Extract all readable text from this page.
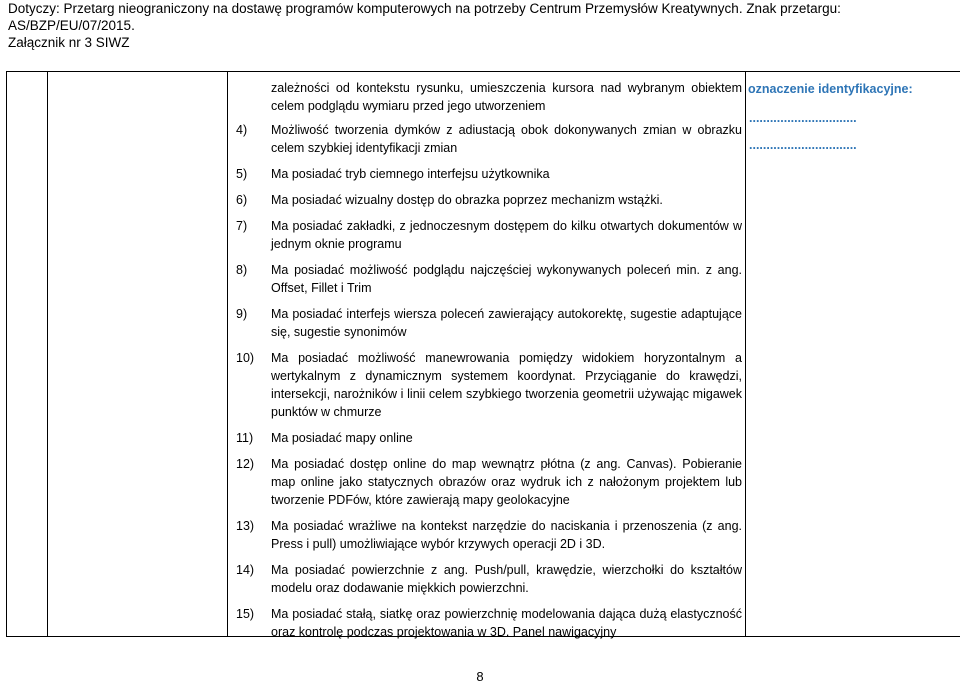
Dotyczy: Przetarg nieograniczony na dostawę programów komputerowych na potrzeby Centrum Przemysłów Kreatywnych. Znak przetargu: AS/BZP/EU/07/2015.
Załącznik nr 3 SIWZ
zależności od kontekstu rysunku, umieszczenia kursora nad wybranym obiektem celem podglądu wymiaru przed jego utworzeniem
4)	Możliwość tworzenia dymków z adiustacją obok dokonywanych zmian w obrazku celem szybkiej identyfikacji zmian
5)	Ma posiadać tryb ciemnego interfejsu użytkownika
6)	Ma posiadać wizualny dostęp do obrazka poprzez mechanizm wstążki.
7)	Ma posiadać zakładki, z jednoczesnym dostępem do kilku otwartych dokumentów w jednym oknie programu
8)	Ma posiadać możliwość podglądu najczęściej wykonywanych poleceń min. z ang. Offset, Fillet i Trim
9)	Ma posiadać interfejs wiersza poleceń zawierający autokorektę, sugestie adaptujące się, sugestie synonimów
10)	Ma posiadać możliwość manewrowania pomiędzy widokiem horyzontalnym a wertykalnym z dynamicznym systemem koordynat. Przyciąganie do krawędzi, intersekcji, narożników i linii celem szybkiego tworzenia geometrii używając migawek punktów w chmurze
11)	Ma posiadać mapy online
12)	Ma posiadać dostęp online do map wewnątrz płótna (z ang. Canvas). Pobieranie map online jako statycznych obrazów oraz wydruk ich z nałożonym projektem lub tworzenie PDFów, które zawierają mapy geolokacyjne
13)	Ma posiadać wrażliwe na kontekst narzędzie do naciskania i przenoszenia (z ang. Press i pull) umożliwiające wybór krzywych operacji 2D i 3D.
14)	Ma posiadać powierzchnie z ang. Push/pull, krawędzie, wierzchołki do kształtów modelu oraz dodawanie miękkich powierzchni.
15)	Ma posiadać stałą, siatkę oraz powierzchnię modelowania dająca dużą elastyczność oraz kontrolę podczas projektowania w 3D. Panel nawigacyjny
oznaczenie identyfikacyjne:
...............................
...............................
8
